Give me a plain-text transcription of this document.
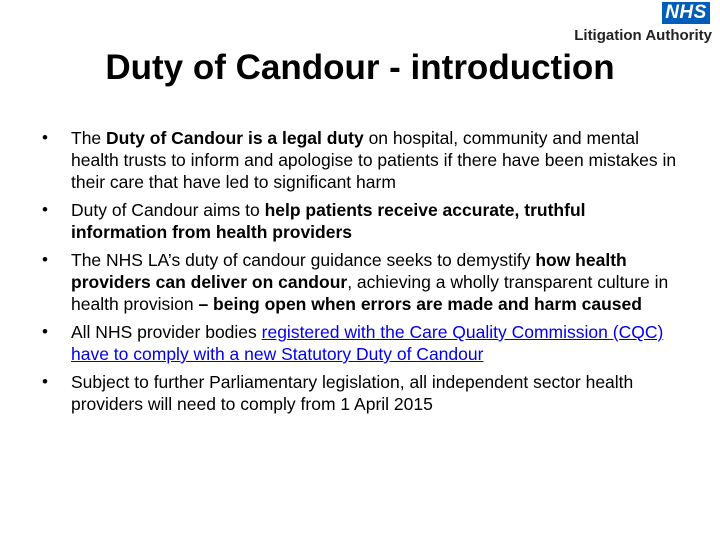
NHS
Litigation Authority
Duty of Candour - introduction
•	The Duty of Candour is a legal duty on hospital, community and mental health trusts to inform and apologise to patients if there have been mistakes in their care that have led to significant harm
•	Duty of Candour aims to help patients receive accurate, truthful information from health providers
•	The NHS LA’s duty of candour guidance seeks to demystify how health providers can deliver on candour, achieving a wholly transparent culture in health provision – being open when errors are made and harm caused
•	All NHS provider bodies registered with the Care Quality Commission (CQC) have to comply with a new Statutory Duty of Candour
•	Subject to further Parliamentary legislation, all independent sector health providers will need to comply from 1 April 2015
